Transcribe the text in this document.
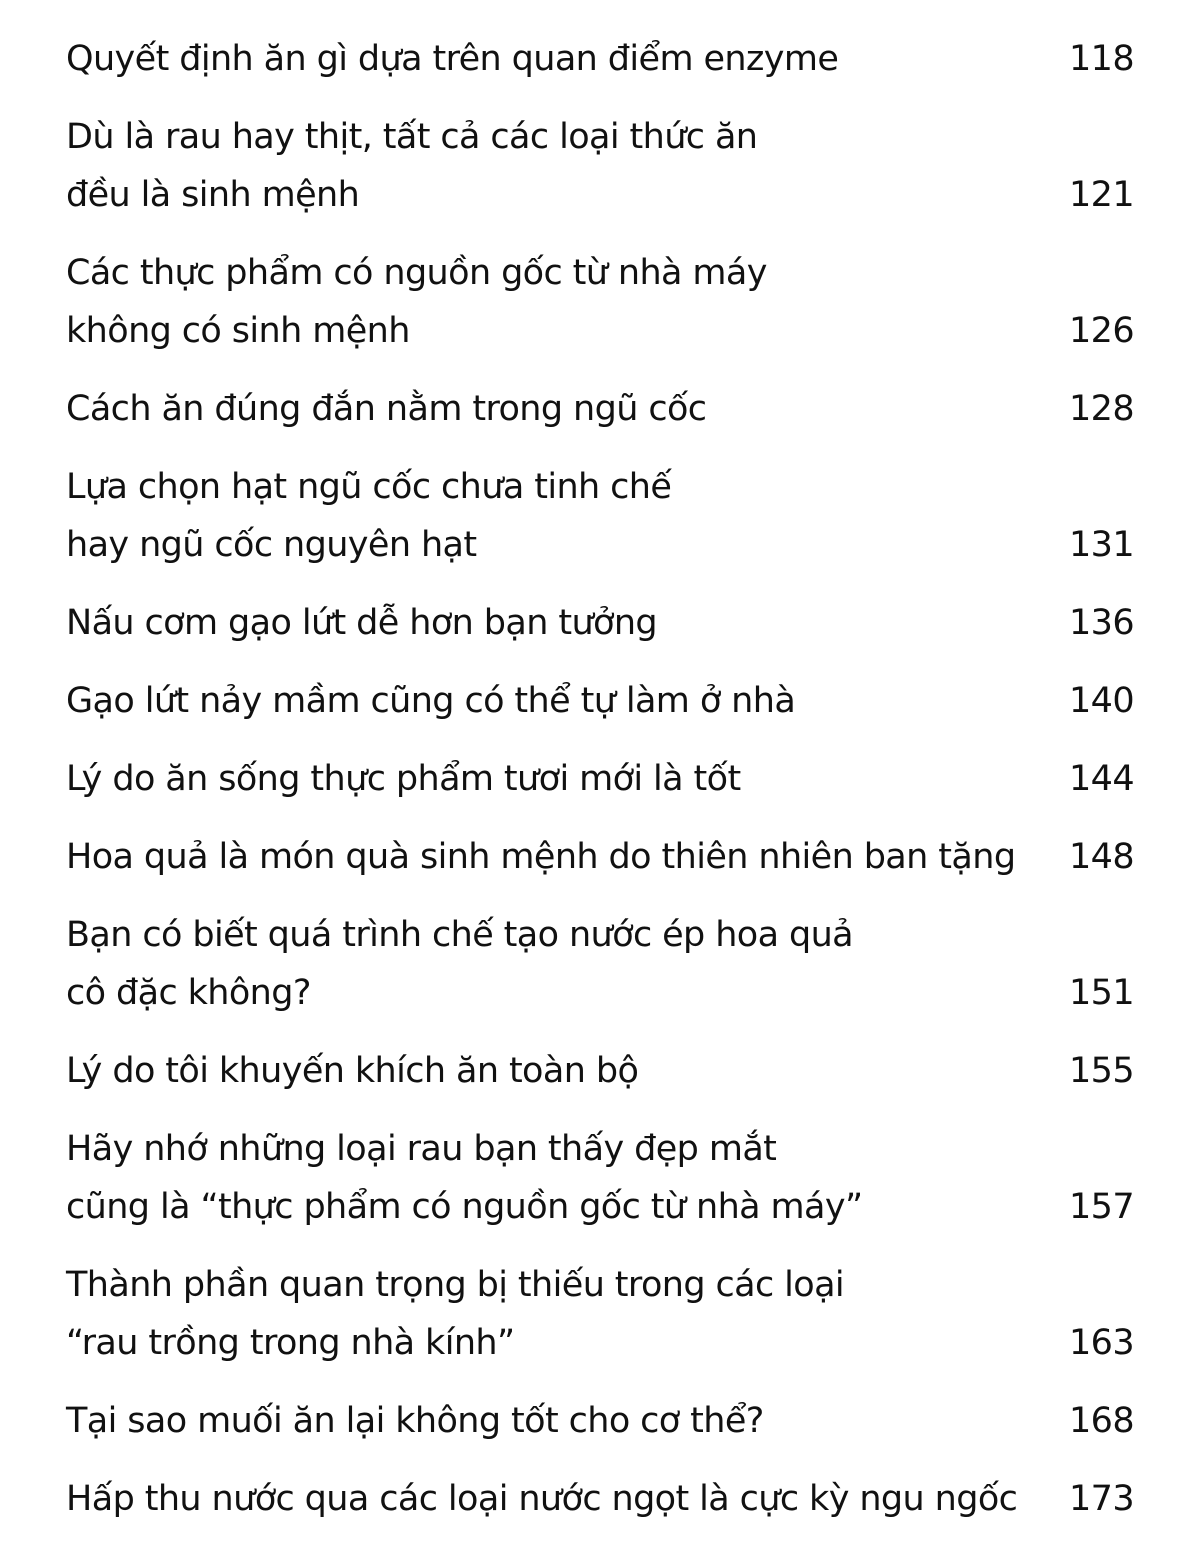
Quyết định ăn gì dựa trên quan điểm enzyme	118
Dù là rau hay thịt, tất cả các loại thức ăn
đều là sinh mệnh	121
Các thực phẩm có nguồn gốc từ nhà máy
không có sinh mệnh	126
Cách ăn đúng đắn nằm trong ngũ cốc	128
Lựa chọn hạt ngũ cốc chưa tinh chế
hay ngũ cốc nguyên hạt	131
Nấu cơm gạo lứt dễ hơn bạn tưởng	136
Gạo lứt nảy mầm cũng có thể tự làm ở nhà	140
Lý do ăn sống thực phẩm tươi mới là tốt	144
Hoa quả là món quà sinh mệnh do thiên nhiên ban tặng	148
Bạn có biết quá trình chế tạo nước ép hoa quả
cô đặc không?	151
Lý do tôi khuyến khích ăn toàn bộ	155
Hãy nhớ những loại rau bạn thấy đẹp mắt
cũng là “thực phẩm có nguồn gốc từ nhà máy”	157
Thành phần quan trọng bị thiếu trong các loại
“rau trồng trong nhà kính”	163
Tại sao muối ăn lại không tốt cho cơ thể?	168
Hấp thu nước qua các loại nước ngọt là cực kỳ ngu ngốc	173
